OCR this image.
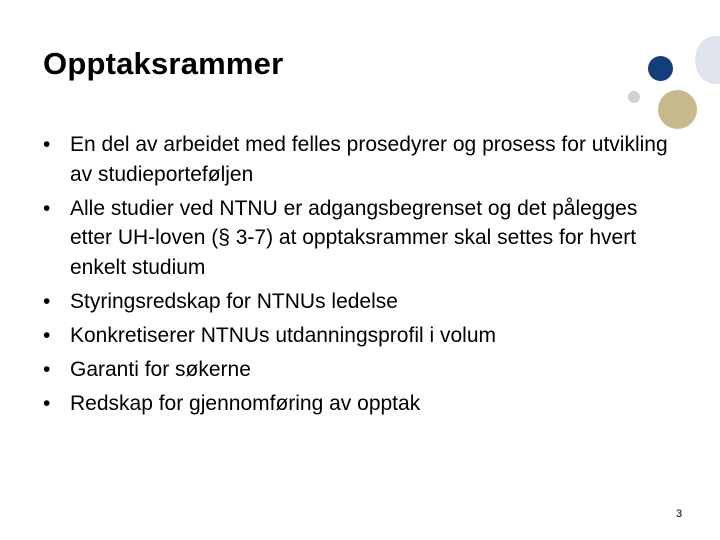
Opptaksrammer
• En del av arbeidet med felles prosedyrer og prosess for utvikling av studieporteføljen
• Alle studier ved NTNU er adgangsbegrenset og det pålegges etter UH-loven (§ 3-7) at opptaksrammer skal settes for hvert enkelt studium
• Styringsredskap for NTNUs ledelse
• Konkretiserer NTNUs utdanningsprofil i volum
• Garanti for søkerne
• Redskap for gjennomføring av opptak
3
